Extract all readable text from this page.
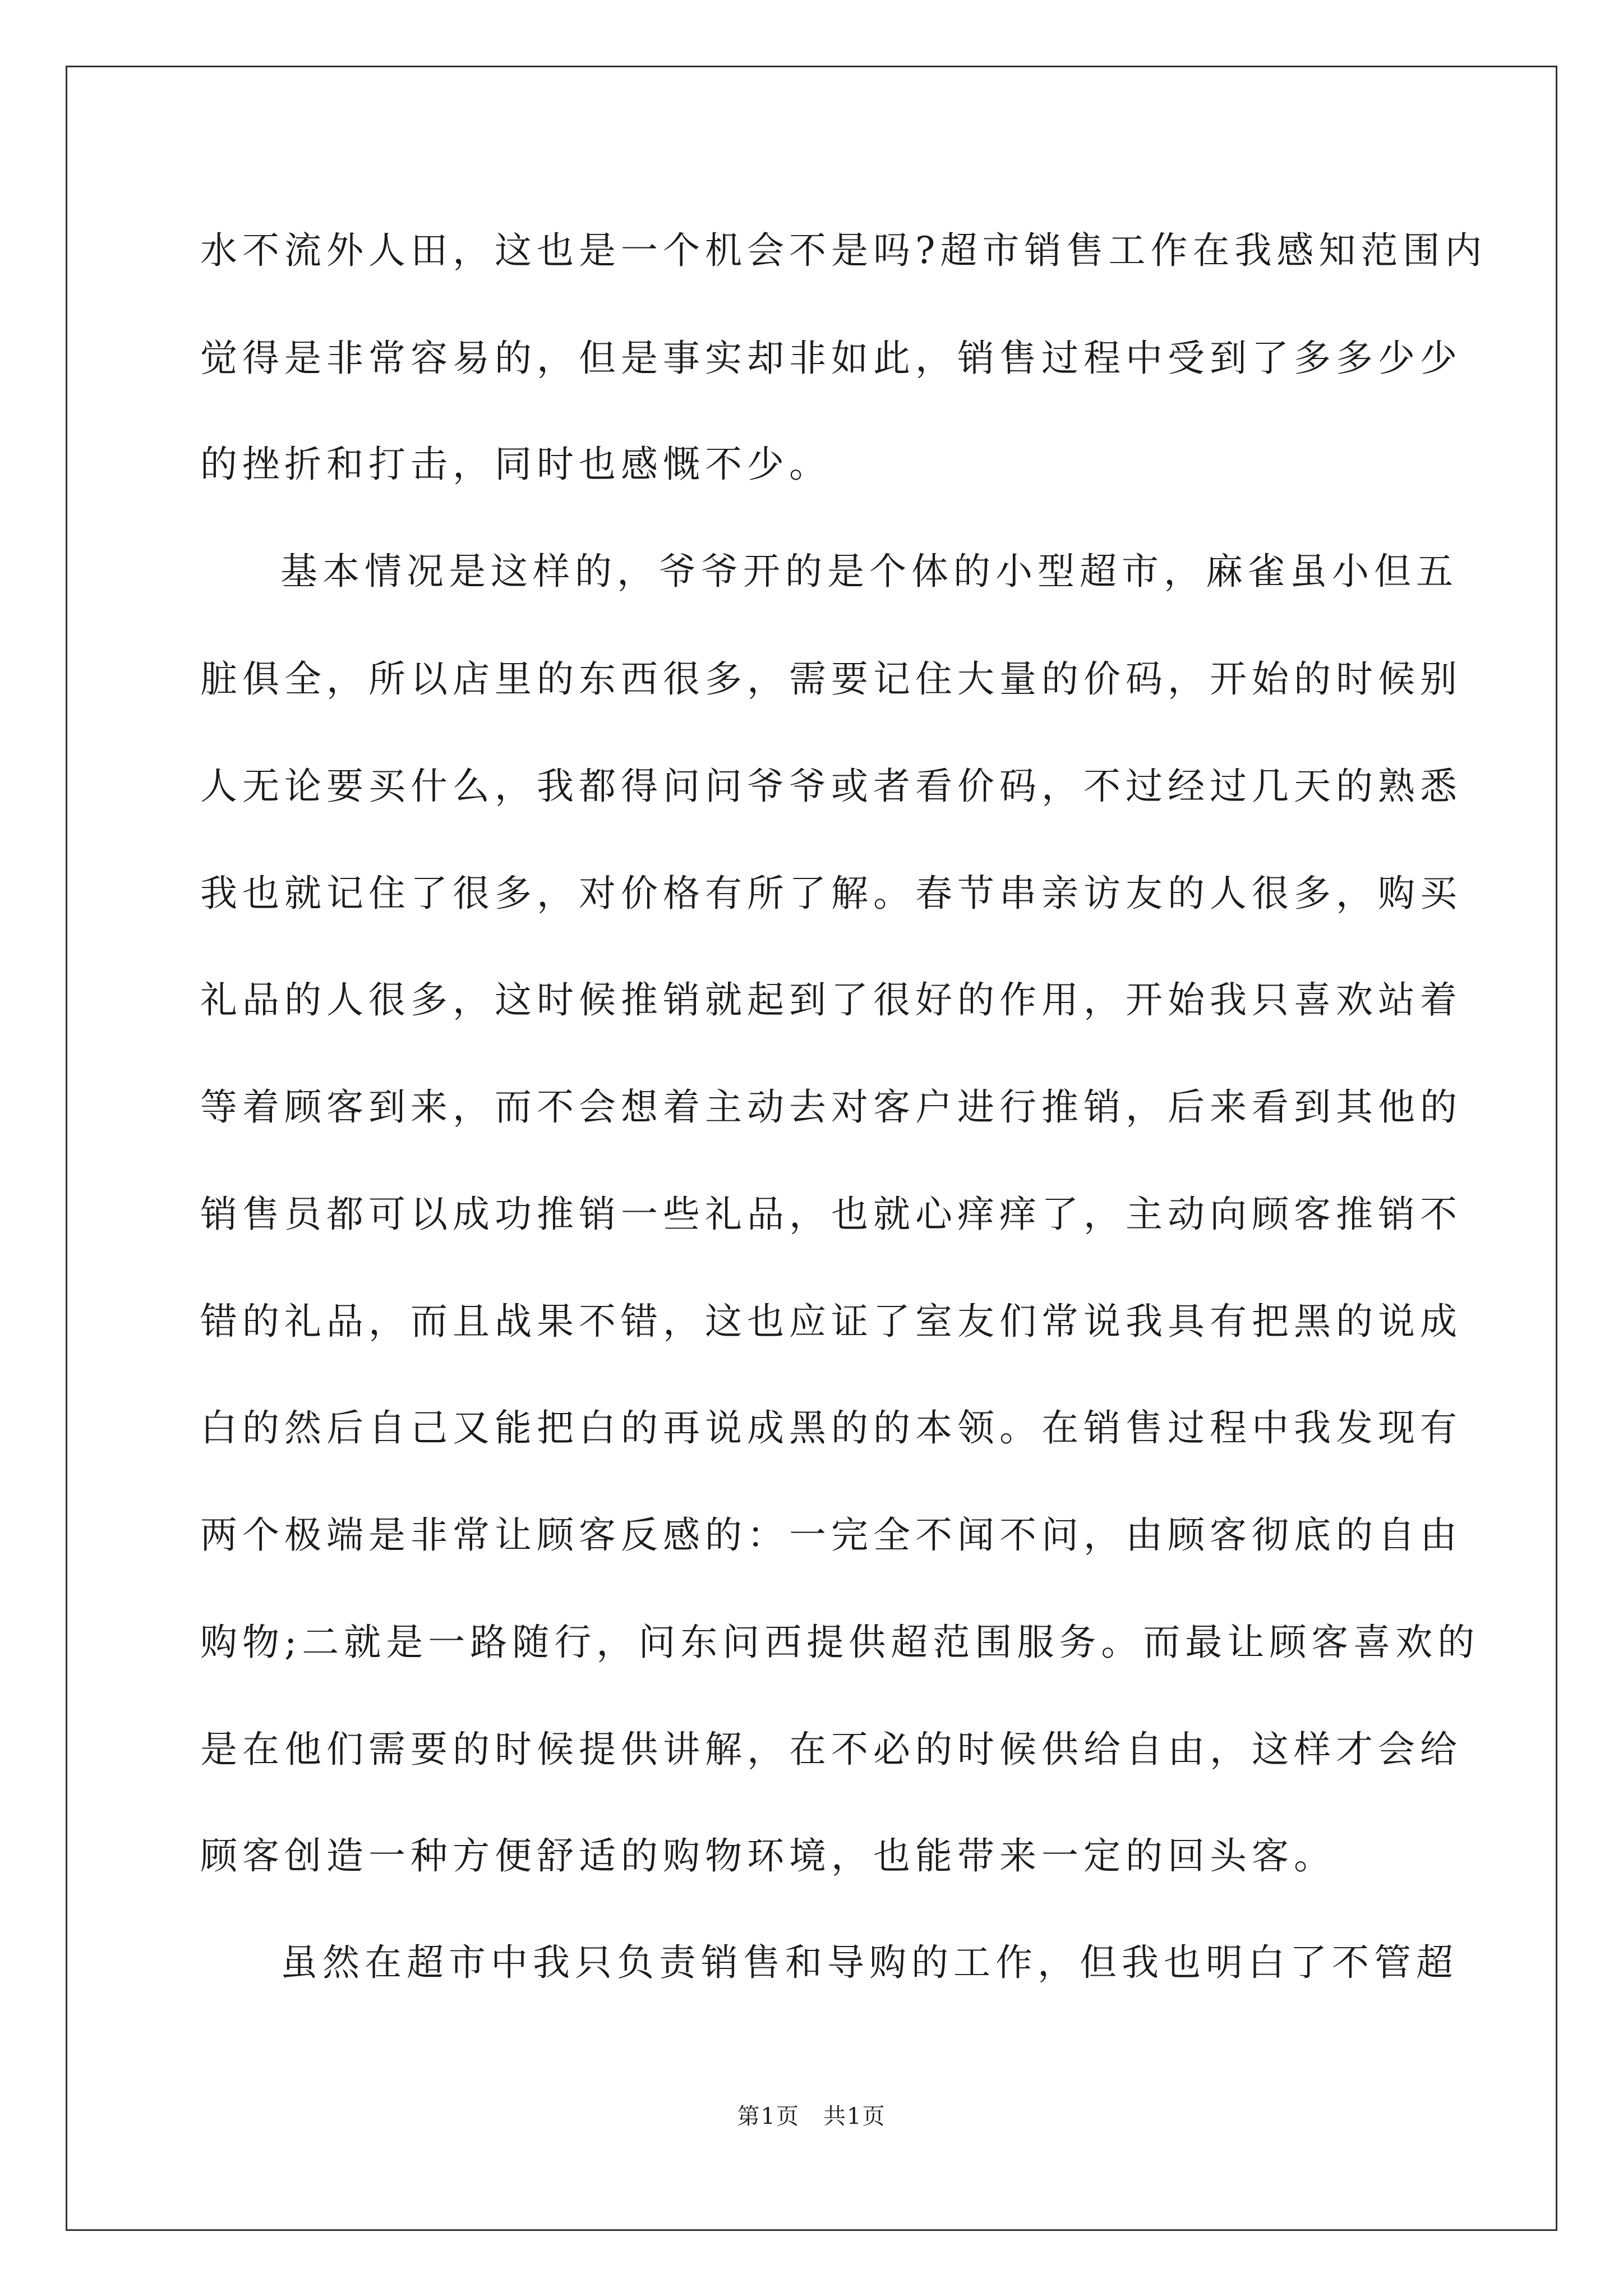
水不流外人田，这也是一个机会不是吗?超市销售工作在我感知范围内
觉得是非常容易的，但是事实却非如此，销售过程中受到了多多少少
的挫折和打击，同时也感慨不少。
基本情况是这样的，爷爷开的是个体的小型超市，麻雀虽小但五
脏俱全，所以店里的东西很多，需要记住大量的价码，开始的时候别
人无论要买什么，我都得问问爷爷或者看价码，不过经过几天的熟悉
我也就记住了很多，对价格有所了解。春节串亲访友的人很多，购买
礼品的人很多，这时候推销就起到了很好的作用，开始我只喜欢站着
等着顾客到来，而不会想着主动去对客户进行推销，后来看到其他的
销售员都可以成功推销一些礼品，也就心痒痒了，主动向顾客推销不
错的礼品，而且战果不错，这也应证了室友们常说我具有把黑的说成
白的然后自己又能把白的再说成黑的的本领。在销售过程中我发现有
两个极端是非常让顾客反感的：一完全不闻不问，由顾客彻底的自由
购物;二就是一路随行，问东问西提供超范围服务。而最让顾客喜欢的
是在他们需要的时候提供讲解，在不必的时候供给自由，这样才会给
顾客创造一种方便舒适的购物环境，也能带来一定的回头客。
虽然在超市中我只负责销售和导购的工作，但我也明白了不管超
第1页　共1页
